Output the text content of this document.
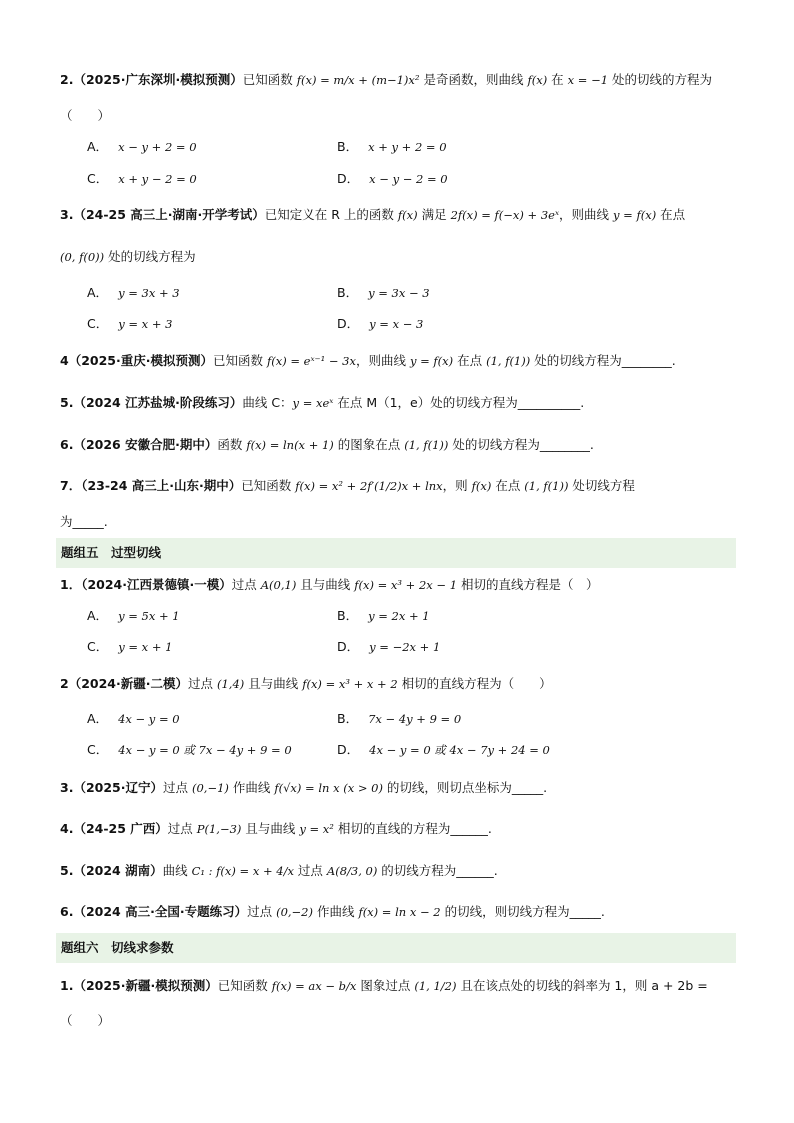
2.（2025·广东深圳·模拟预测）已知函数 f(x) = m/x + (m−1)x² 是奇函数，则曲线 f(x) 在 x = −1 处的切线的方程为
（　　）
A． x − y + 2 = 0	B． x + y + 2 = 0
C． x + y − 2 = 0	D． x − y − 2 = 0
3.（24-25 高三上·湖南·开学考试）已知定义在 R 上的函数 f(x) 满足 2f(x) = f(−x) + 3eˣ，则曲线 y = f(x) 在点
(0, f(0)) 处的切线方程为
A． y = 3x + 3	B． y = 3x − 3
C． y = x + 3	D． y = x − 3
4（2025·重庆·模拟预测）已知函数 f(x) = eˣ⁻¹ − 3x，则曲线 y = f(x) 在点 (1, f(1)) 处的切线方程为________.
5.（2024 江苏盐城·阶段练习）曲线 C：y = xeˣ 在点 M（1，e）处的切线方程为__________.
6.（2026 安徽合肥·期中）函数 f(x) = ln(x + 1) 的图象在点 (1, f(1)) 处的切线方程为________.
7．（23-24 高三上·山东·期中）已知函数 f(x) = x² + 2f′(1/2)x + lnx，则 f(x) 在点 (1, f(1)) 处切线方程
为_____.
题组五　过型切线
1．（2024·江西景德镇·一模）过点 A(0,1) 且与曲线 f(x) = x³ + 2x − 1 相切的直线方程是（　）
A． y = 5x + 1	B． y = 2x + 1
C． y = x + 1	D． y = −2x + 1
2（2024·新疆·二模）过点 (1,4) 且与曲线 f(x) = x³ + x + 2 相切的直线方程为（　　）
A． 4x − y = 0	B． 7x − 4y + 9 = 0
C． 4x − y = 0 或 7x − 4y + 9 = 0	D． 4x − y = 0 或 4x − 7y + 24 = 0
3.（2025·辽宁）过点 (0,−1) 作曲线 f(√x) = ln x (x > 0) 的切线，则切点坐标为_____.
4.（24-25 广西）过点 P(1,−3) 且与曲线 y = x² 相切的直线的方程为______.
5.（2024 湖南）曲线 C₁ : f(x) = x + 4/x 过点 A(8/3, 0) 的切线方程为______.
6.（2024 高三·全国·专题练习）过点 (0,−2) 作曲线 f(x) = ln x − 2 的切线，则切线方程为_____.
题组六　切线求参数
1.（2025·新疆·模拟预测）已知函数 f(x) = ax − b/x 图象过点 (1, 1/2) 且在该点处的切线的斜率为 1，则 a + 2b =
（　　）
